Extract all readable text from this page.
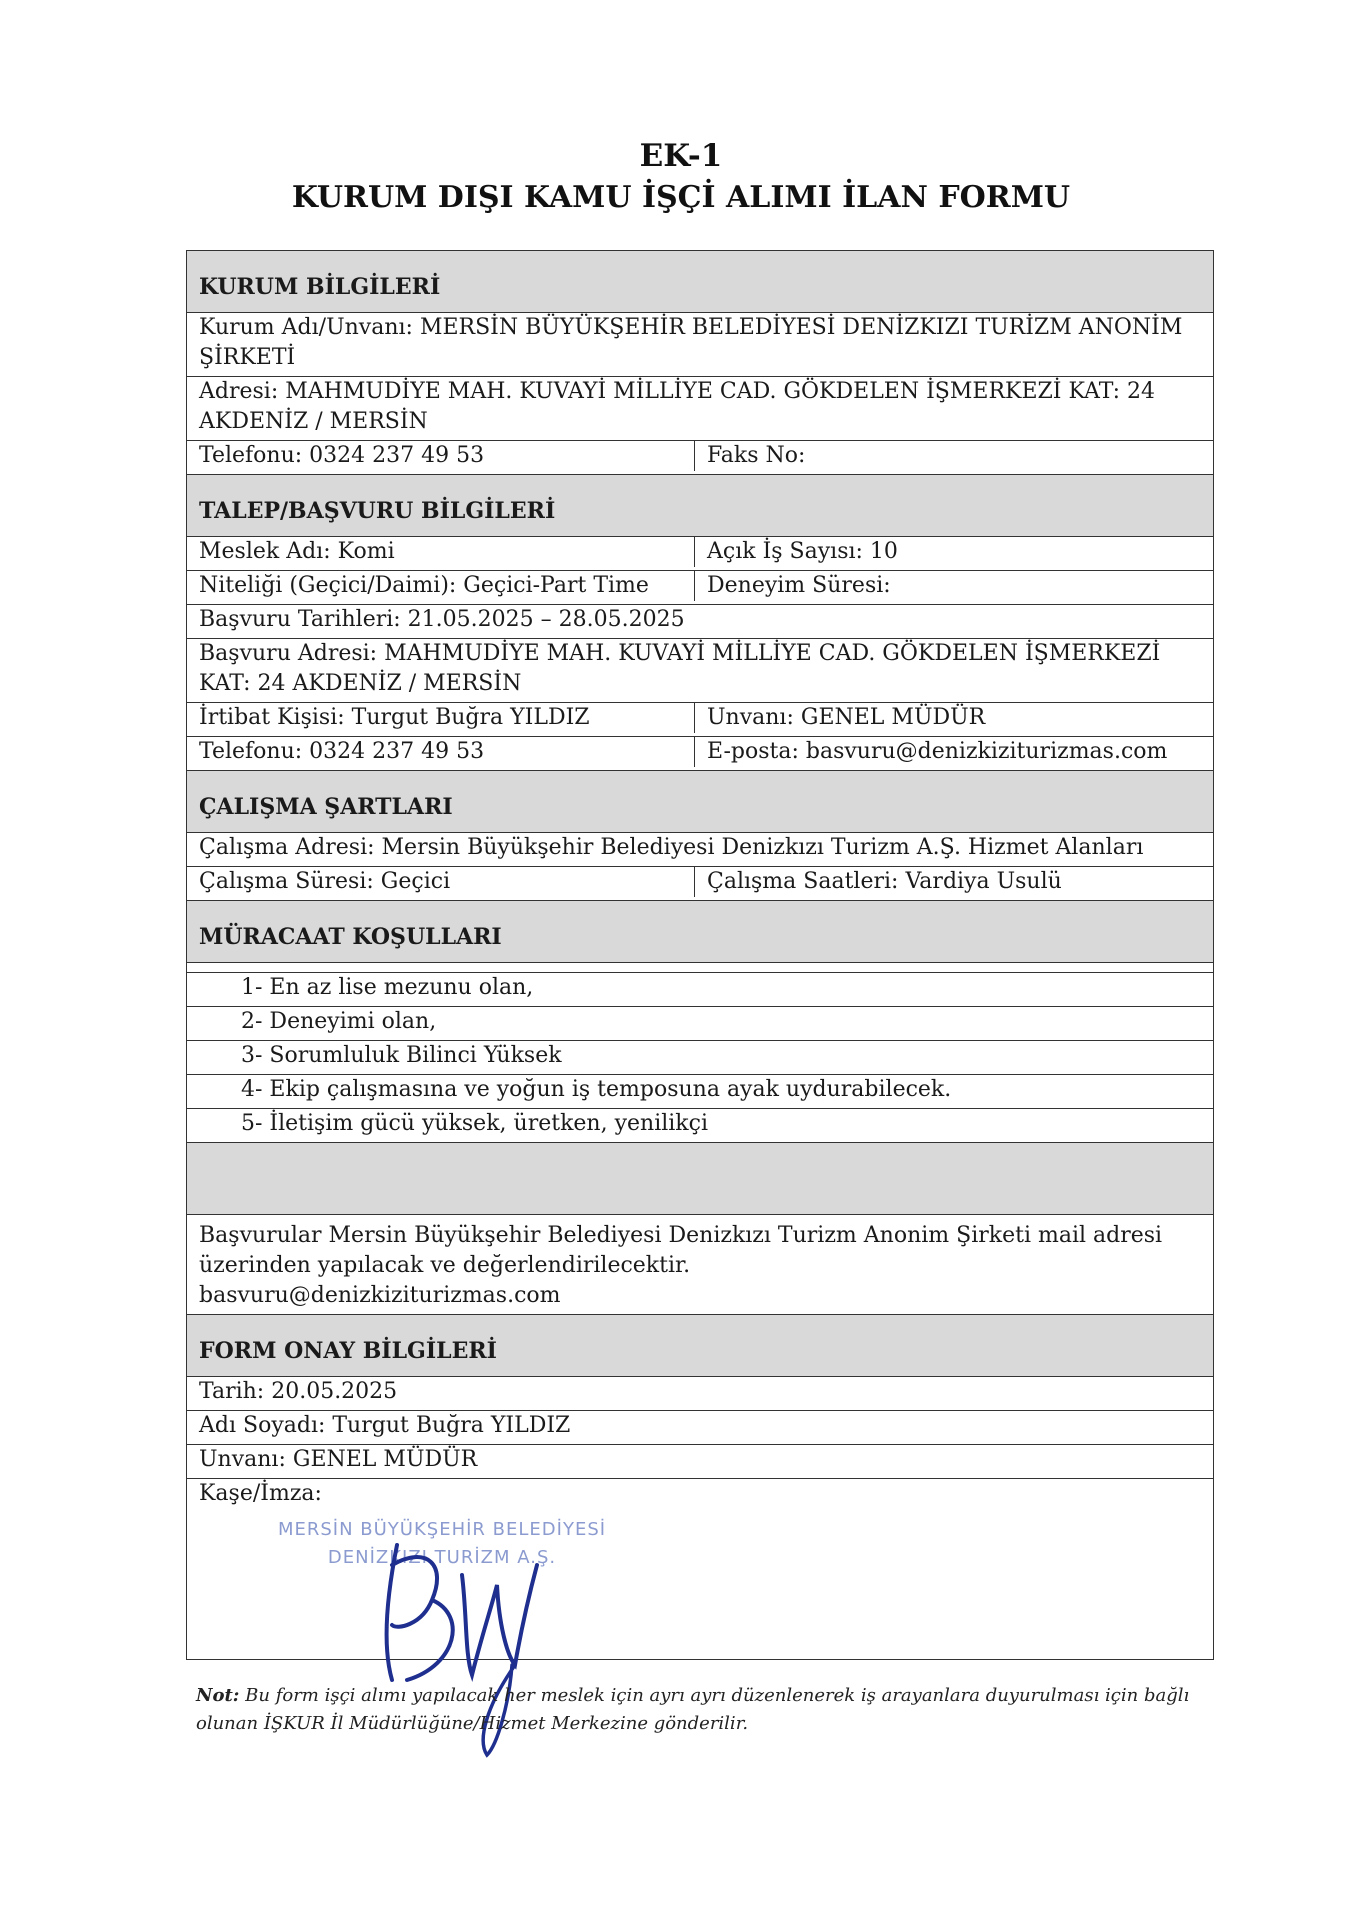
EK-1
KURUM DIŞI KAMU İŞÇİ ALIMI İLAN FORMU
KURUM BİLGİLERİ
Kurum Adı/Unvanı: MERSİN BÜYÜKŞEHİR BELEDİYESİ DENİZKIZI TURİZM ANONİM ŞİRKETİ
Adresi: MAHMUDİYE MAH. KUVAYİ MİLLİYE CAD. GÖKDELEN İŞMERKEZİ KAT: 24 AKDENİZ / MERSİN
Telefonu: 0324 237 49 53	Faks No:
TALEP/BAŞVURU BİLGİLERİ
Meslek Adı: Komi	Açık İş Sayısı: 10
Niteliği (Geçici/Daimi): Geçici-Part Time	Deneyim Süresi:
Başvuru Tarihleri: 21.05.2025 – 28.05.2025
Başvuru Adresi: MAHMUDİYE MAH. KUVAYİ MİLLİYE CAD. GÖKDELEN İŞMERKEZİ KAT: 24 AKDENİZ / MERSİN
İrtibat Kişisi: Turgut Buğra YILDIZ	Unvanı: GENEL MÜDÜR
Telefonu: 0324 237 49 53	E-posta: basvuru@denizkiziturizmas.com
ÇALIŞMA ŞARTLARI
Çalışma Adresi: Mersin Büyükşehir Belediyesi Denizkızı Turizm A.Ş. Hizmet Alanları
Çalışma Süresi: Geçici	Çalışma Saatleri: Vardiya Usulü
MÜRACAAT KOŞULLARI
1- En az lise mezunu olan,
2- Deneyimi olan,
3- Sorumluluk Bilinci Yüksek
4- Ekip çalışmasına ve yoğun iş temposuna ayak uydurabilecek.
5- İletişim gücü yüksek, üretken, yenilikçi
Başvurular Mersin Büyükşehir Belediyesi Denizkızı Turizm Anonim Şirketi mail adresi üzerinden yapılacak ve değerlendirilecektir.
basvuru@denizkiziturizmas.com
FORM ONAY BİLGİLERİ
Tarih: 20.05.2025
Adı Soyadı: Turgut Buğra YILDIZ
Unvanı: GENEL MÜDÜR
Kaşe/İmza:
MERSİN BÜYÜKŞEHİR BELEDİYESİ
DENİZKIZI TURİZM A.Ş.
Not: Bu form işçi alımı yapılacak her meslek için ayrı ayrı düzenlenerek iş arayanlara duyurulması için bağlı olunan İŞKUR İl Müdürlüğüne/Hizmet Merkezine gönderilir.
